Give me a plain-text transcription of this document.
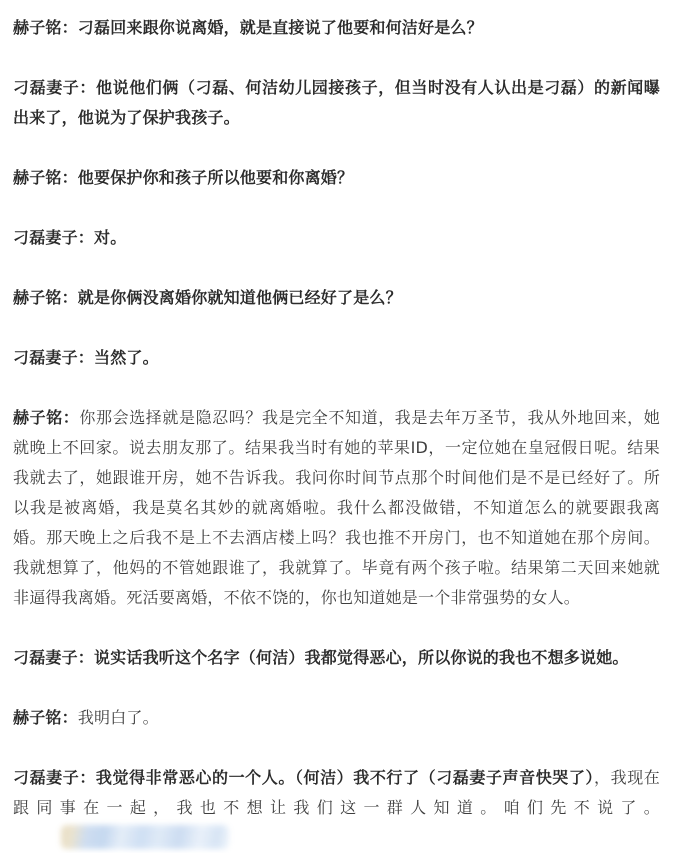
赫子铭：刁磊回来跟你说离婚，就是直接说了他要和何洁好是么？

刁磊妻子：他说他们俩（刁磊、何洁幼儿园接孩子，但当时没有人认出是刁磊）的新闻曝出来了，他说为了保护我孩子。

赫子铭：他要保护你和孩子所以他要和你离婚？

刁磊妻子：对。

赫子铭：就是你俩没离婚你就知道他俩已经好了是么？

刁磊妻子：当然了。

赫子铭：你那会选择就是隐忍吗？我是完全不知道，我是去年万圣节，我从外地回来，她就晚上不回家。说去朋友那了。结果我当时有她的苹果ID，一定位她在皇冠假日呢。结果我就去了，她跟谁开房，她不告诉我。我问你时间节点那个时间他们是不是已经好了。所以我是被离婚，我是莫名其妙的就离婚啦。我什么都没做错，不知道怎么的就要跟我离婚。那天晚上之后我不是上不去酒店楼上吗？我也推不开房门，也不知道她在那个房间。我就想算了，他妈的不管她跟谁了，我就算了。毕竟有两个孩子啦。结果第二天回来她就非逼得我离婚。死活要离婚，不依不饶的，你也知道她是一个非常强势的女人。

刁磊妻子：说实话我听这个名字（何洁）我都觉得恶心，所以你说的我也不想多说她。

赫子铭：我明白了。

刁磊妻子：我觉得非常恶心的一个人。（何洁）我不行了（刁磊妻子声音快哭了），我现在跟同事在一起，我也不想让我们这一群人知道。咱们先不说了。
